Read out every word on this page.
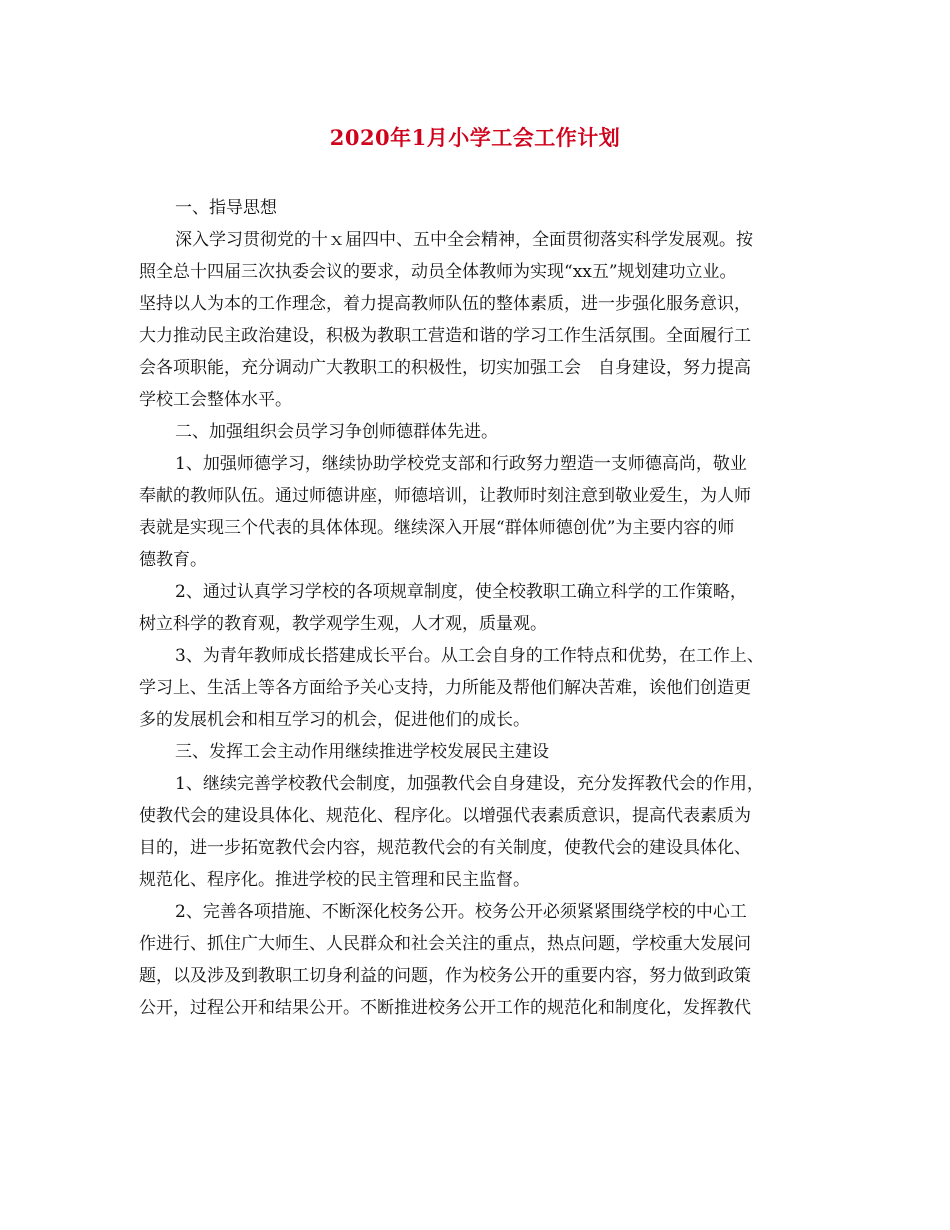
2020年1月小学工会工作计划
一、指导思想
深入学习贯彻党的十ｘ届四中、五中全会精神，全面贯彻落实科学发展观。按
照全总十四届三次执委会议的要求，动员全体教师为实现“xx五”规划建功立业。
坚持以人为本的工作理念，着力提高教师队伍的整体素质，进一步强化服务意识，
大力推动民主政治建设，积极为教职工营造和谐的学习工作生活氛围。全面履行工
会各项职能，充分调动广大教职工的积极性，切实加强工会　自身建设，努力提高
学校工会整体水平。
二、加强组织会员学习争创师德群体先进。
1、加强师德学习，继续协助学校党支部和行政努力塑造一支师德高尚，敬业
奉献的教师队伍。通过师德讲座，师德培训，让教师时刻注意到敬业爱生，为人师
表就是实现三个代表的具体体现。继续深入开展“群体师德创优”为主要内容的师
德教育。
2、通过认真学习学校的各项规章制度，使全校教职工确立科学的工作策略，
树立科学的教育观，教学观学生观，人才观，质量观。
3、为青年教师成长搭建成长平台。从工会自身的工作特点和优势，在工作上、
学习上、生活上等各方面给予关心支持，力所能及帮他们解决苦难，诶他们创造更
多的发展机会和相互学习的机会，促进他们的成长。
三、发挥工会主动作用继续推进学校发展民主建设
1、继续完善学校教代会制度，加强教代会自身建设，充分发挥教代会的作用，
使教代会的建设具体化、规范化、程序化。以增强代表素质意识，提高代表素质为
目的，进一步拓宽教代会内容，规范教代会的有关制度，使教代会的建设具体化、
规范化、程序化。推进学校的民主管理和民主监督。
2、完善各项措施、不断深化校务公开。校务公开必须紧紧围绕学校的中心工
作进行、抓住广大师生、人民群众和社会关注的重点，热点问题，学校重大发展问
题，以及涉及到教职工切身利益的问题，作为校务公开的重要内容，努力做到政策
公开，过程公开和结果公开。不断推进校务公开工作的规范化和制度化，发挥教代
